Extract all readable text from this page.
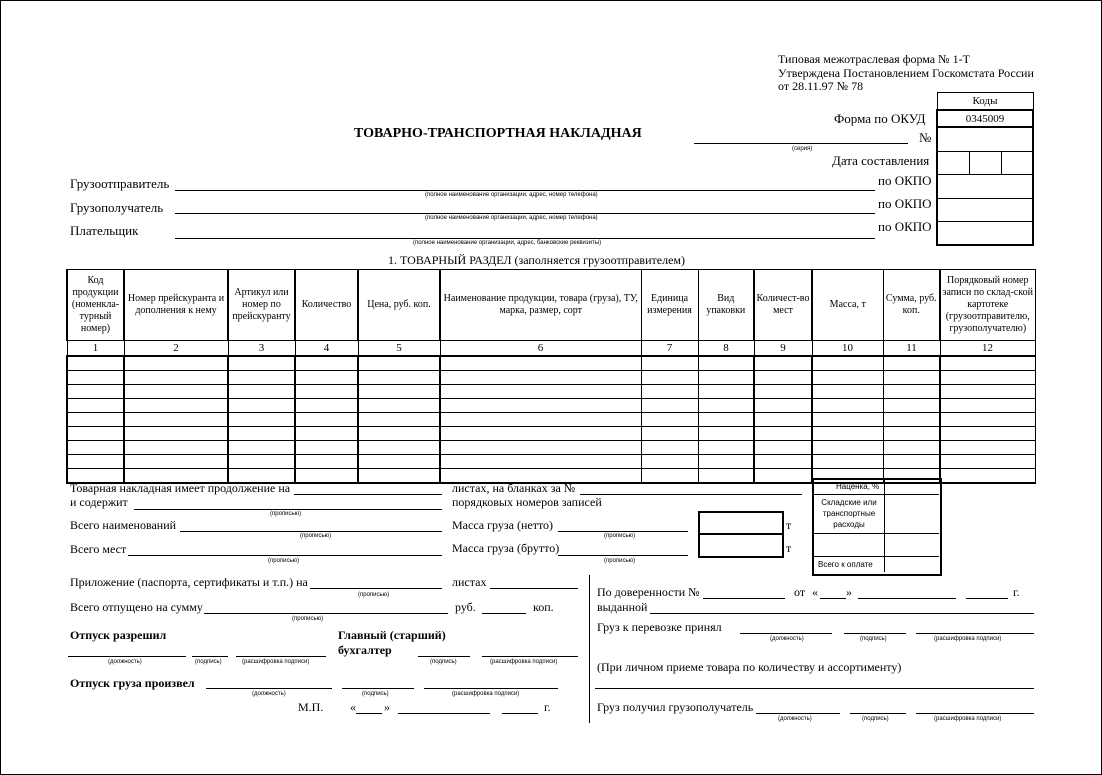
Типовая межотраслевая форма № 1-Т
Утверждена Постановлением Госкомстата России
от 28.11.97 № 78
Коды
0345009

Форма по ОКУД
ТОВАРНО-ТРАНСПОРТНАЯ НАКЛАДНАЯ
(серия)
№
Дата составления
Грузоотправитель
(полное наименование организации, адрес, номер телефона)
по ОКПО
Грузополучатель
(полное наименование организации, адрес, номер телефона)
по ОКПО
Плательщик
(полное наименование организации, адрес, банковские реквизиты)
по ОКПО
1. ТОВАРНЫЙ РАЗДЕЛ (заполняется грузоотправителем)
Код продукции (номенкла-турный номер)	Номер прейскуранта и дополнения к нему	Артикул или номер по прейскуранту	Количество	Цена, руб. коп.	Наименование продукции, товара (груза), ТУ, марка, размер, сорт	Единица измерения	Вид упаковки	Количест-во мест	Масса, т	Сумма, руб. коп.	Порядковый номер записи по склад-ской картотеке (грузоотправителю, грузополучателю)
1	2	3	4	5	6	7	8	9	10	11	12

Товарная накладная имеет продолжение на
и содержит
(прописью)
листах, на бланках за №
порядковых номеров записей
Всего наименований
(прописью)
Всего мест
(прописью)
Масса груза (нетто)
(прописью)
Масса груза (брутто)
(прописью)
т
т
Наценка, %
Складские или транспортные расходы
Всего к оплате
Приложение (паспорта, сертификаты и т.п.) на
(прописью)
листах
Всего отпущено на сумму
(прописью)
руб.	коп.
Отпуск разрешил
(должность)	(подпись)	(расшифровка подписи)
Главный (старший) бухгалтер
(подпись)	(расшифровка подписи)
Отпуск груза произвел
(должность)	(подпись)	(расшифровка подписи)
М.П. « »	г.
По доверенности №	от « »	г.
выданной
Груз к перевозке принял
(должность)	(подпись)	(расшифровка подписи)
(При личном приеме товара по количеству и ассортименту)
Груз получил грузополучатель
(должность)	(подпись)	(расшифровка подписи)
